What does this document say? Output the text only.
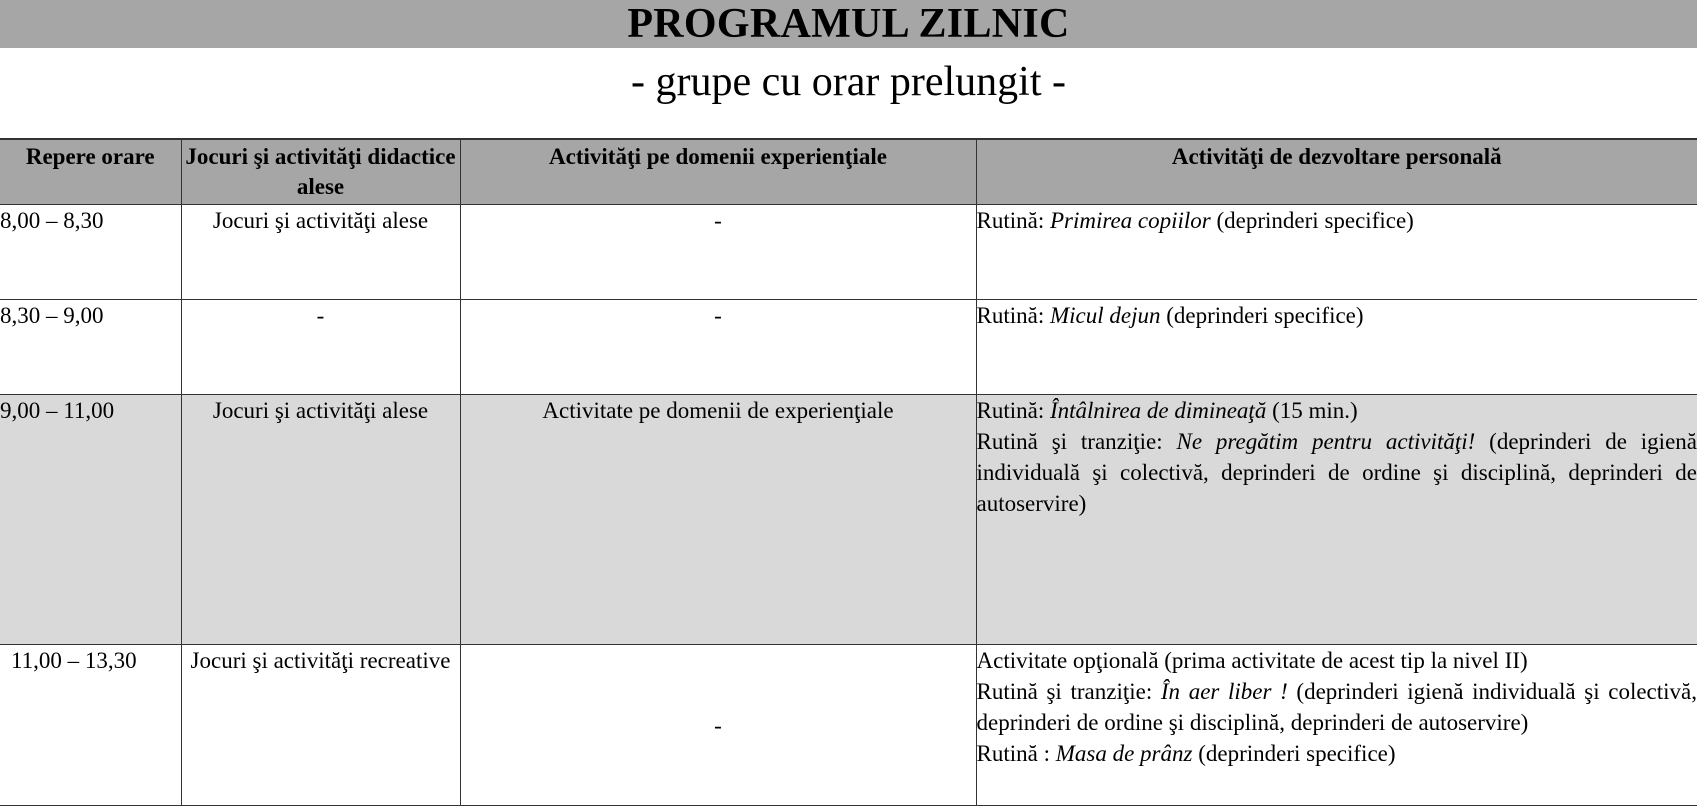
PROGRAMUL ZILNIC
- grupe cu orar prelungit -
Repere orare	Jocuri şi activităţi didactice alese	Activităţi pe domenii experienţiale	Activităţi de dezvoltare personală
8,00 – 8,30	Jocuri şi activităţi alese	-	Rutină: Primirea copiilor (deprinderi specifice)

8,30 – 9,00	-	-	Rutină: Micul dejun (deprinderi specifice)

9,00 – 11,00	Jocuri şi activităţi alese	Activitate pe domenii de experienţiale	Rutină: Întâlnirea de dimineaţă (15 min.)

Rutină şi tranziţie: Ne pregătim pentru activităţi! (deprinderi de igienă individuală şi colectivă, deprinderi de ordine şi disciplină, deprinderi de autoservire)

11,00 – 13,30	Jocuri şi activităţi recreative	-	Activitate opţională (prima activitate de acest tip la nivel II)

Rutină şi tranziţie: În aer liber ! (deprinderi igienă individuală şi colectivă, deprinderi de ordine şi disciplină, deprinderi de autoservire)

Rutină : Masa de prânz (deprinderi specifice)
